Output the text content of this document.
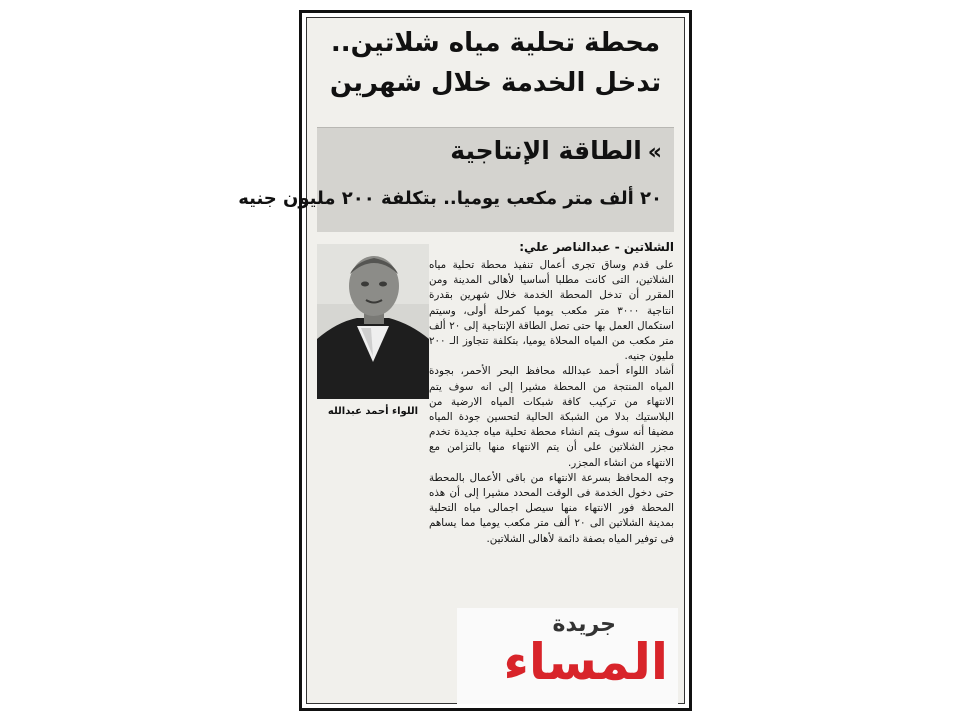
محطة تحلية مياه شلاتين..
تدخل الخدمة خلال شهرين
»الطاقة الإنتاجية
٢٠ ألف متر مكعب يوميا.. بتكلفة ٢٠٠ مليون جنيه
الشلاتين - عبدالناصر علي:
اللواء أحمد عبدالله

على قدم وساق تجرى أعمال تنفيذ محطة تحلية مياه الشلاتين، التى كانت مطلبا أساسيا لأهالى المدينة ومن المقرر أن تدخل المحطة الخدمة خلال شهرين بقدرة انتاجية ٣٠٠٠ متر مكعب يوميا كمرحلة أولى، وسيتم استكمال العمل بها حتى تصل الطاقة الإنتاجية إلى ٢٠ ألف متر مكعب من المياه المحلاة يوميا، بتكلفة تتجاوز الـ ٢٠٠ مليون جنيه.

أشاد اللواء أحمد عبدالله محافظ البحر الأحمر، بجودة المياه المنتجة من المحطة مشيرا إلى انه سوف يتم الانتهاء من تركيب كافة شبكات المياه الارضية من البلاستيك بدلا من الشبكة الحالية لتحسين جودة المياه مضيفا أنه سوف يتم انشاء محطة تحلية مياه جديدة تخدم مجزر الشلاتين على أن يتم الانتهاء منها بالتزامن مع الانتهاء من انشاء المجزر.

وجه المحافظ بسرعة الانتهاء من باقى الأعمال بالمحطة حتى دخول الخدمة فى الوقت المحدد مشيرا إلى أن هذه المحطة فور الانتهاء منها سيصل اجمالى مياه التحلية بمدينة الشلاتين الى ٢٠ ألف متر مكعب يوميا مما يساهم فى توفير المياه بصفة دائمة لأهالى الشلاتين.

جريدة
المساء
